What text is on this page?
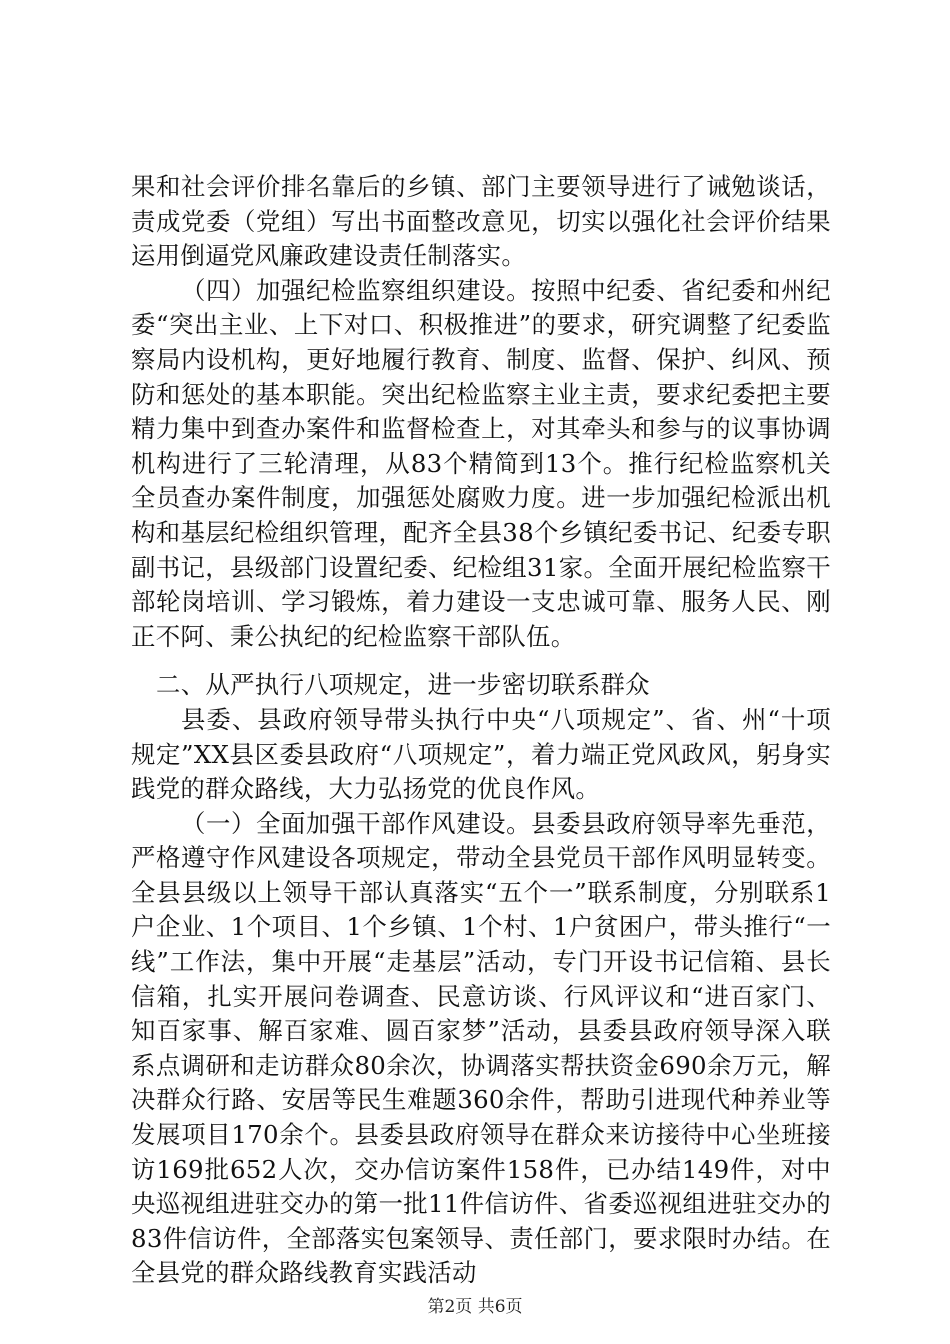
果和社会评价排名靠后的乡镇、部门主要领导进行了诫勉谈话，责成党委（党组）写出书面整改意见，切实以强化社会评价结果运用倒逼党风廉政建设责任制落实。

（四）加强纪检监察组织建设。按照中纪委、省纪委和州纪委“突出主业、上下对口、积极推进”的要求，研究调整了纪委监察局内设机构，更好地履行教育、制度、监督、保护、纠风、预防和惩处的基本职能。突出纪检监察主业主责，要求纪委把主要精力集中到查办案件和监督检查上，对其牵头和参与的议事协调机构进行了三轮清理，从83个精简到13个。推行纪检监察机关全员查办案件制度，加强惩处腐败力度。进一步加强纪检派出机构和基层纪检组织管理，配齐全县38个乡镇纪委书记、纪委专职副书记，县级部门设置纪委、纪检组31家。全面开展纪检监察干部轮岗培训、学习锻炼，着力建设一支忠诚可靠、服务人民、刚正不阿、秉公执纪的纪检监察干部队伍。

二、从严执行八项规定，进一步密切联系群众

县委、县政府领导带头执行中央“八项规定”、省、州“十项规定”XX县区委县政府“八项规定”，着力端正党风政风，躬身实践党的群众路线，大力弘扬党的优良作风。

（一）全面加强干部作风建设。县委县政府领导率先垂范，严格遵守作风建设各项规定，带动全县党员干部作风明显转变。全县县级以上领导干部认真落实“五个一”联系制度，分别联系1户企业、1个项目、1个乡镇、1个村、1户贫困户，带头推行“一线”工作法，集中开展“走基层”活动，专门开设书记信箱、县长信箱，扎实开展问卷调查、民意访谈、行风评议和“进百家门、知百家事、解百家难、圆百家梦”活动，县委县政府领导深入联系点调研和走访群众80余次，协调落实帮扶资金690余万元，解决群众行路、安居等民生难题360余件，帮助引进现代种养业等发展项目170余个。县委县政府领导在群众来访接待中心坐班接访169批652人次，交办信访案件158件，已办结149件，对中央巡视组进驻交办的第一批11件信访件、省委巡视组进驻交办的83件信访件，全部落实包案领导、责任部门，要求限时办结。在全县党的群众路线教育实践活动

第2页 共6页
